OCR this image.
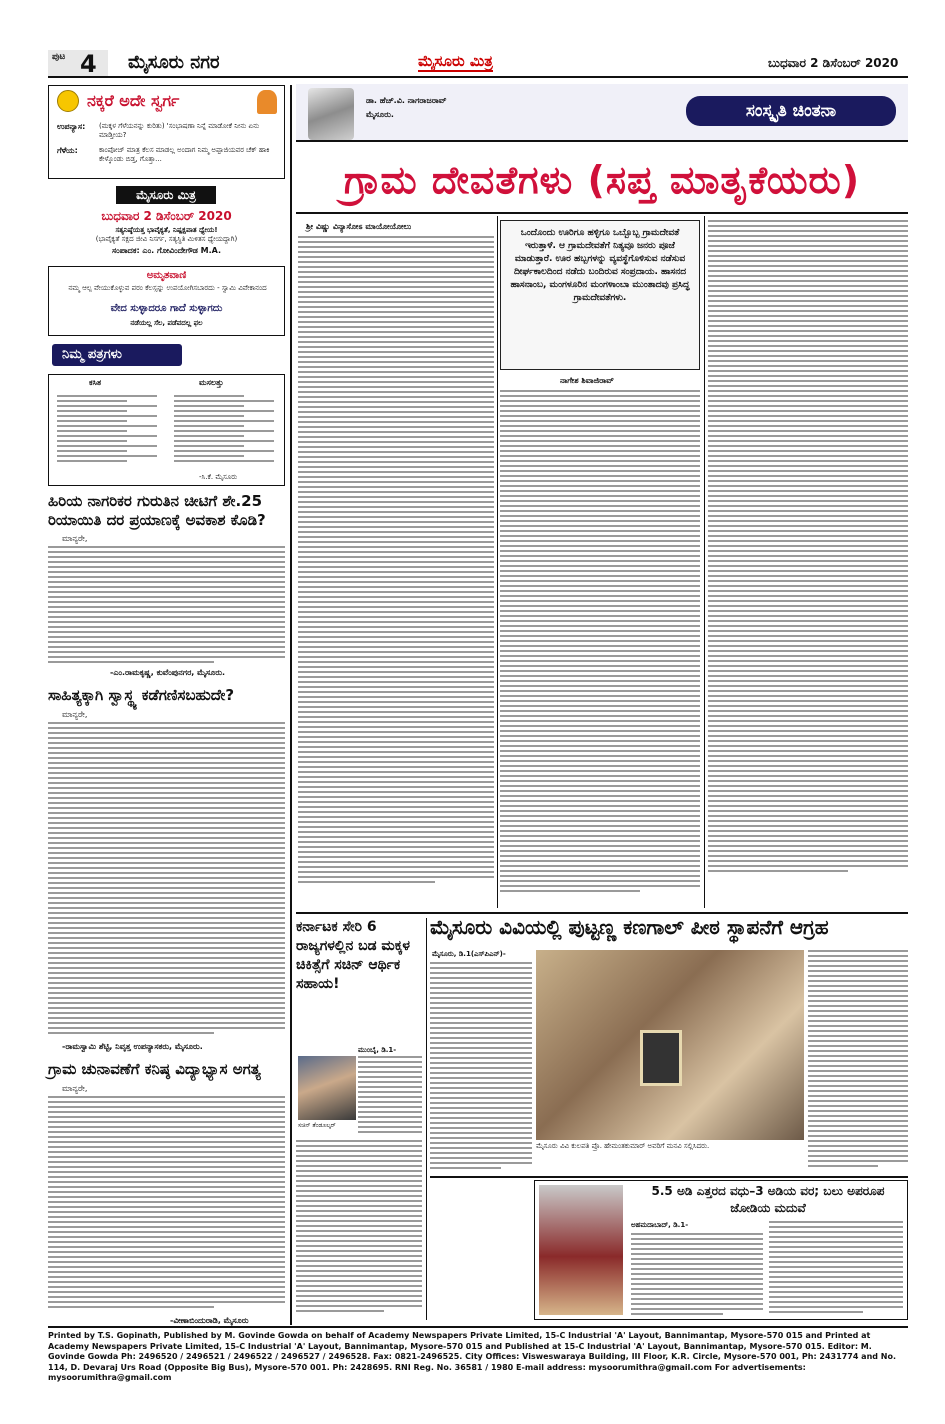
ಪುಟ 4 ಮೈಸೂರು ನಗರ	ಮೈಸೂರು ಮಿತ್ರ	ಬುಧವಾರ 2 ಡಿಸೆಂಬರ್ 2020
ನಕ್ಕರೆ ಅದೇ ಸ್ವರ್ಗ
ಉಪನ್ಯಾಸ: (ಮಕ್ಕಳ ಗೆಳೆಯನನ್ನು ಕುರಿತು) 'ಸಂಭಾಷಣಾ ನಿನ್ನೆ ಮಾಡೋಕೆ ನೀನು ಏನು ಮಾಡ್ತೀಯ?
ಗೆಳೆಯ:	ಕಾಂಪೋಜ್ ಮಾತ್ರ ಕೆಲಸ ಮಾಡಲ್ಲ ಅಂದಾಗ ನಿಮ್ಮ ಅಪ್ಪಾಜಿಯವರ ಚೆಕ್ ಹಾಕಿ ಕೇಳ್ಕೊಂಡು ಬಿಡ್ತ, ಗೊತ್ತಾ...
ಮೈಸೂರು ಮಿತ್ರ
ಬುಧವಾರ 2 ಡಿಸೆಂಬರ್ 2020
ಸತ್ಯನಿಷ್ಠೆಯತ್ತ ಭಾವೈಕ್ಯತೆ, ನಿಷ್ಪಕ್ಷಪಾತ ಧ್ಯೇಯ!
(ಭಾವೈಕ್ಯತೆ ಸಕ್ಷದ ಜೀವಿ ನಿಸರ್ಗ, ಸತ್ಯಸ್ಥಿತಿ ಮಿಳಿತಸ ಧ್ಯೇಯದ್ದಾಗಿ)
ಸಂಪಾದಕ: ಎಂ. ಗೋವಿಂದೇಗೌಡ M.A.
ಅಮೃತವಾಣಿ
ನಮ್ಮ ಆಲ್ಪ ವೇಯುಕೊಳ್ಳುವ ಪರಂ ಕೆಲಸ್ಸನ್ನು ಉಪಯೋಗಿಸಬಾರದು - ಸ್ವಾಮಿ ವಿವೇಕಾನಂದ
ವೇದ ಸುಳ್ಳಾದರೂ ಗಾದೆ ಸುಳ್ಳಾಗದು
ನಡೆಯಲ್ಲ ಸೆಲ, ಪಡೆವದಲ್ಲ ಫಲ
ನಿಮ್ಮ ಪತ್ರಗಳು
ಕಸಿತ	ಮಸಲತ್ತು
-ಸಿ.ಕೆ. ಮೈಸೂರು
ಹಿರಿಯ ನಾಗರಿಕರ ಗುರುತಿನ ಚೀಟಿಗೆ ಶೇ.25 ರಿಯಾಯಿತಿ ದರ ಪ್ರಯಾಣಕ್ಕೆ ಅವಕಾಶ ಕೊಡಿ?
ಮಾನ್ಯರೇ,
-ಎಂ.ರಾಮಕೃಷ್ಣ, ಕುವೆಂಪುನಗರ, ಮೈಸೂರು.
ಸಾಹಿತ್ಯಕ್ಕಾಗಿ ಸ್ವಾಸ್ಥ್ಯ ಕಡೆಗಣಿಸಬಹುದೇ?
ಮಾನ್ಯರೇ,
-ರಾಮಸ್ವಾಮಿ ಶೆಟ್ಟಿ, ನಿವೃತ್ತ ಉಪನ್ಯಾಸಕರು, ಮೈಸೂರು.
ಗ್ರಾಮ ಚುನಾವಣೆಗೆ ಕನಿಷ್ಠ ವಿದ್ಯಾಭ್ಯಾಸ ಅಗತ್ಯ
ಮಾನ್ಯರೇ,
-ವೀಣಾಬಿಂದುರಾಡಿ, ಮೈಸೂರು
ಡಾ. ಹೆಚ್.ವಿ. ನಾಗರಾಜರಾವ್
ಮೈಸೂರು.	ಸಂಸ್ಕೃತಿ ಚಿಂತನಾ
ಗ್ರಾಮ ದೇವತೆಗಳು (ಸಪ್ತ ಮಾತೃಕೆಯರು)
ಒಂದೊಂದು ಊರಿಗೂ ಹಳ್ಳಿಗೂ ಒಬ್ಬೊಬ್ಬ ಗ್ರಾಮದೇವತೆ ಇರುತ್ತಾಳೆ. ಆ ಗ್ರಾಮದೇವತೆಗೆ ನಿತ್ಯವೂ ಜನರು ಪೂಜೆ ಮಾಡುತ್ತಾರೆ. ಊರ ಹಬ್ಬಗಳನ್ನು ವ್ಯವಸ್ಥೆಗೊಳಿಸುವ ನಡೆಸುವ ದೀರ್ಘಕಾಲದಿಂದ ನಡೆದು ಬಂದಿರುವ ಸಂಪ್ರದಾಯ. ಹಾಸನದ ಹಾಸನಾಂಬ, ಮಂಗಳೂರಿನ ಮಂಗಳಾಂಬಾ ಮುಂತಾದವು ಪ್ರಸಿದ್ಧ ಗ್ರಾಮದೇವತೆಗಳು.
ಶ್ರೀ ವಿಷ್ಣು ವಿನ್ಯಾಸೋಽ ಮಾಯೋಯೋಲು
ನಾಗೇಶ ಶಿವಾಜಿರಾವ್
ಕರ್ನಾಟಕ ಸೇರಿ 6 ರಾಜ್ಯಗಳಲ್ಲಿನ ಬಡ ಮಕ್ಕಳ ಚಿಕಿತ್ಸೆಗೆ ಸಚಿನ್ ಆರ್ಥಿಕ ಸಹಾಯ!
ಮುಂಬೈ, ಡಿ.1-
ಸಚಿನ್ ತೆಂಡೂಲ್ಕರ್
ಮೈಸೂರು ವಿವಿಯಲ್ಲಿ ಪುಟ್ಟಣ್ಣ ಕಣಗಾಲ್ ಪೀಠ ಸ್ಥಾಪನೆಗೆ ಆಗ್ರಹ
ಮೈಸೂರು, ಡಿ.1(ಎಸ್‌ಪಿಎನ್)-
ಮೈಸೂರು ವಿವಿ ಕುಲಪತಿ ಪ್ರೊ. ಹೇಮಂತಕುಮಾರ್ ಅವರಿಗೆ ಮನವಿ ಸಲ್ಲಿಸಿದರು.
5.5 ಅಡಿ ಎತ್ತರದ ವಧು–3 ಅಡಿಯ ವರ; ಬಲು ಅಪರೂಪ ಜೋಡಿಯ ಮದುವೆ
ಅಹಮದಾಬಾದ್, ಡಿ.1-
Printed by T.S. Gopinath, Published by M. Govinde Gowda on behalf of Academy Newspapers Private Limited, 15-C Industrial 'A' Layout, Bannimantap, Mysore-570 015 and Printed at Academy Newspapers Private Limited, 15-C Industrial 'A' Layout, Bannimantap, Mysore-570 015 and Published at 15-C Industrial 'A' Layout, Bannimantap, Mysore-570 015. Editor: M. Govinde Gowda Ph: 2496520 / 2496521 / 2496522 / 2496527 / 2496528. Fax: 0821-2496525. City Offices: Visweswaraya Building, III Floor, K.R. Circle, Mysore-570 001, Ph: 2431774 and No. 114, D. Devaraj Urs Road (Opposite Big Bus), Mysore-570 001. Ph: 2428695. RNI Reg. No. 36581 / 1980 E-mail address: mysoorumithra@gmail.com For advertisements: mysoorumithra@gmail.com
